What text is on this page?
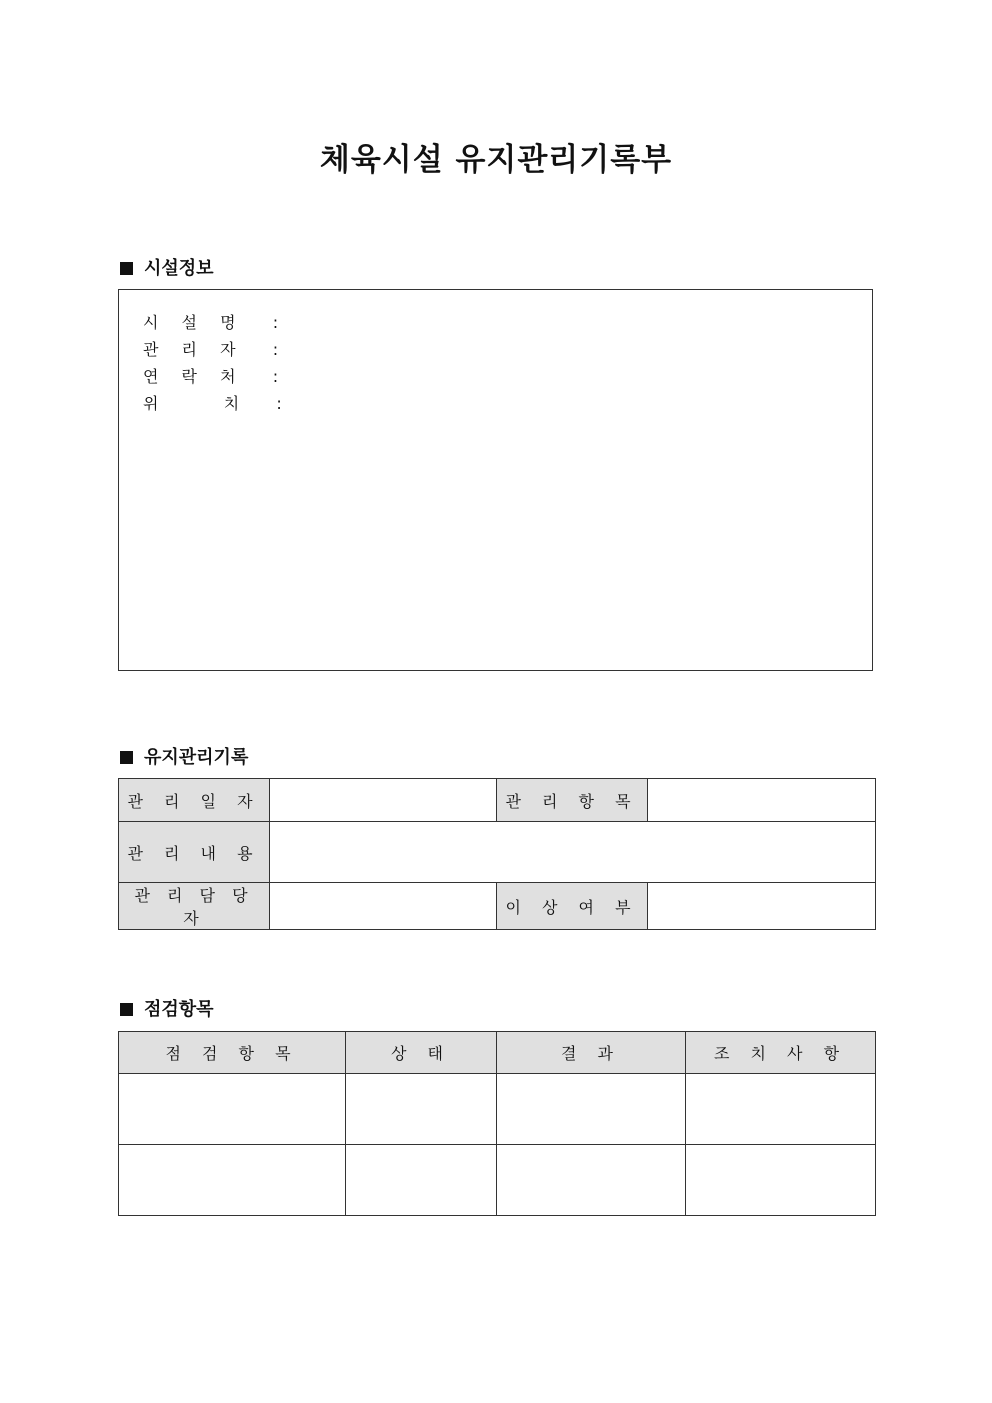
체육시설 유지관리기록부
시설정보
시 설 명  :
관 리 자  :
연 락 처  :
위    치  :
유지관리기록
관 리 일 자		관 리 항 목	
관 리 내 용			
관 리 담 당 자		이 상 여 부	
점검항목
점 검 항 목	상 태	결 과	조 치 사 항
